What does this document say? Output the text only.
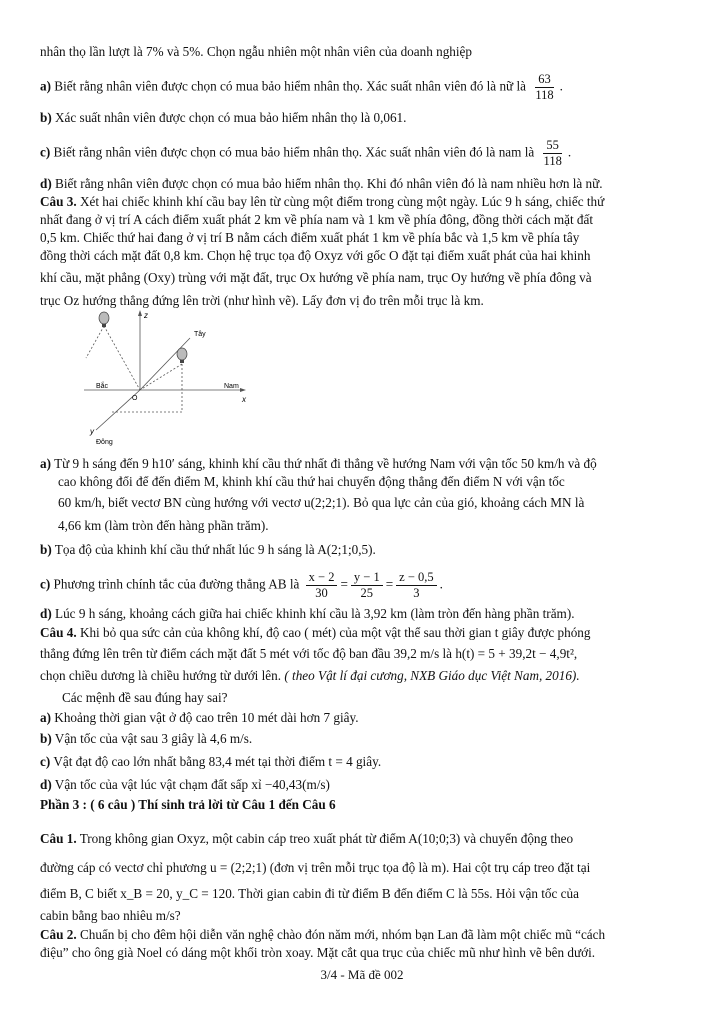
nhân thọ lần lượt là 7% và 5%. Chọn ngẫu nhiên một nhân viên của doanh nghiệp
a) Biết rằng nhân viên được chọn có mua bảo hiểm nhân thọ. Xác suất nhân viên đó là nữ là $\frac{63}{118}$ .
b) Xác suất nhân viên được chọn có mua bảo hiểm nhân thọ là 0,061.
c) Biết rằng nhân viên được chọn có mua bảo hiểm nhân thọ. Xác suất nhân viên đó là nam là $\frac{55}{118}$ .
d) Biết rằng nhân viên được chọn có mua bảo hiểm nhân thọ. Khi đó nhân viên đó là nam nhiều hơn là nữ.
Câu 3. Xét hai chiếc khinh khí cầu bay lên từ cùng một điểm trong cùng một ngày. Lúc 9 h sáng, chiếc thứ
nhất đang ở vị trí A cách điểm xuất phát 2 km về phía nam và 1 km về phía đông, đồng thời cách mặt đất
0,5 km. Chiếc thứ hai đang ở vị trí B nằm cách điểm xuất phát 1 km về phía bắc và 1,5 km về phía tây
đồng thời cách mặt đất 0,8 km. Chọn hệ trục tọa độ Oxyz với gốc O đặt tại điểm xuất phát của hai khinh
khí cầu, mặt phẳng (Oxy) trùng với mặt đất, trục Ox hướng về phía nam, trục Oy hướng về phía đông và
trục Oz hướng thẳng đứng lên trời (như hình vẽ). Lấy đơn vị đo trên mỗi trục là km.
z
Tây
Bắc	Nam
x
y
Đông
O
a) Từ 9 h sáng đến 9 h10′ sáng, khinh khí cầu thứ nhất đi thẳng về hướng Nam với vận tốc 50 km/h và độ
cao không đổi để đến điểm M, khinh khí cầu thứ hai chuyển động thẳng đến điểm N với vận tốc
60 km/h, biết vectơ BN cùng hướng với vectơ u(2;2;1). Bỏ qua lực cản của gió, khoảng cách MN là
4,66 km (làm tròn đến hàng phần trăm).
b) Tọa độ của khinh khí cầu thứ nhất lúc 9 h sáng là A(2;1;0,5).
c) Phương trình chính tắc của đường thẳng AB là $\frac{x - 2}{30} = \frac{y - 1}{25} = \frac{z - 0,5}{3}$ .
d) Lúc 9 h sáng, khoảng cách giữa hai chiếc khinh khí cầu là 3,92 km (làm tròn đến hàng phần trăm).
Câu 4. Khi bỏ qua sức cản của không khí, độ cao ( mét) của một vật thể sau thời gian t giây được phóng
thẳng đứng lên trên từ điểm cách mặt đất 5 mét với tốc độ ban đầu 39,2 m/s là h(t) = 5 + 39,2t − 4,9t²,
chọn chiều dương là chiều hướng từ dưới lên. ( theo Vật lí đại cương, NXB Giáo dục Việt Nam, 2016).
Các mệnh đề sau đúng hay sai?
a) Khoảng thời gian vật ở độ cao trên 10 mét dài hơn 7 giây.
b) Vận tốc của vật sau 3 giây là 4,6 m/s.
c) Vật đạt độ cao lớn nhất bằng 83,4 mét tại thời điểm t = 4 giây.
d) Vận tốc của vật lúc vật chạm đất sấp xỉ −40,43(m/s)
Phần 3 : ( 6 câu ) Thí sinh trả lời từ Câu 1 đến Câu 6
Câu 1. Trong không gian Oxyz, một cabin cáp treo xuất phát từ điểm A(10;0;3) và chuyển động theo
đường cáp có vectơ chỉ phương u = (2;2;1) (đơn vị trên mỗi trục tọa độ là m). Hai cột trụ cáp treo đặt tại
điểm B, C biết x_B = 20, y_C = 120. Thời gian cabin đi từ điểm B đến điểm C là 55s. Hỏi vận tốc của
cabin bằng bao nhiêu m/s?
Câu 2. Chuẩn bị cho đêm hội diễn văn nghệ chào đón năm mới, nhóm bạn Lan đã làm một chiếc mũ “cách
điệu” cho ông già Noel có dáng một khối tròn xoay. Mặt cắt qua trục của chiếc mũ như hình vẽ bên dưới.
3/4 - Mã đề 002
